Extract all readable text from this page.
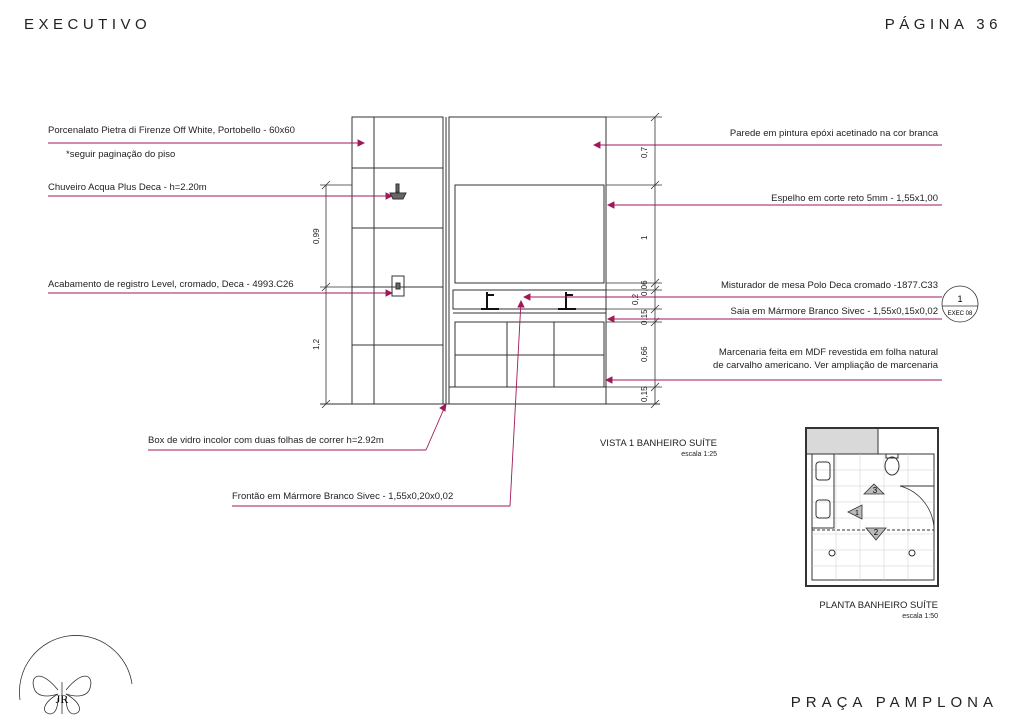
EXECUTIVO	PÁGINA 36
PRAÇA PAMPLONA
0,99
1,2
0,7
1
0,06
0,2
0,15
0,66
0,15
1
EXEC 08
Porcenalato Pietra di Firenze Off White, Portobello - 60x60
*seguir paginação do piso
Chuveiro Acqua Plus Deca - h=2.20m
Acabamento de registro Level, cromado, Deca - 4993.C26
Box de vidro incolor com duas folhas de correr h=2.92m
Frontão em Mármore Branco Sivec - 1,55x0,20x0,02
Parede em pintura epóxi acetinado na cor branca
Espelho em corte reto 5mm - 1,55x1,00
Misturador de mesa Polo Deca cromado -1877.C33
Saia em Mármore Branco Sivec - 1,55x0,15x0,02
Marcenaria feita em MDF revestida em folha natural
de carvalho americano. Ver ampliação de marcenaria
VISTA 1 BANHEIRO SUÍTE
escala 1:25
3
1
2
PLANTA BANHEIRO SUÍTE
escala 1:50
JR
